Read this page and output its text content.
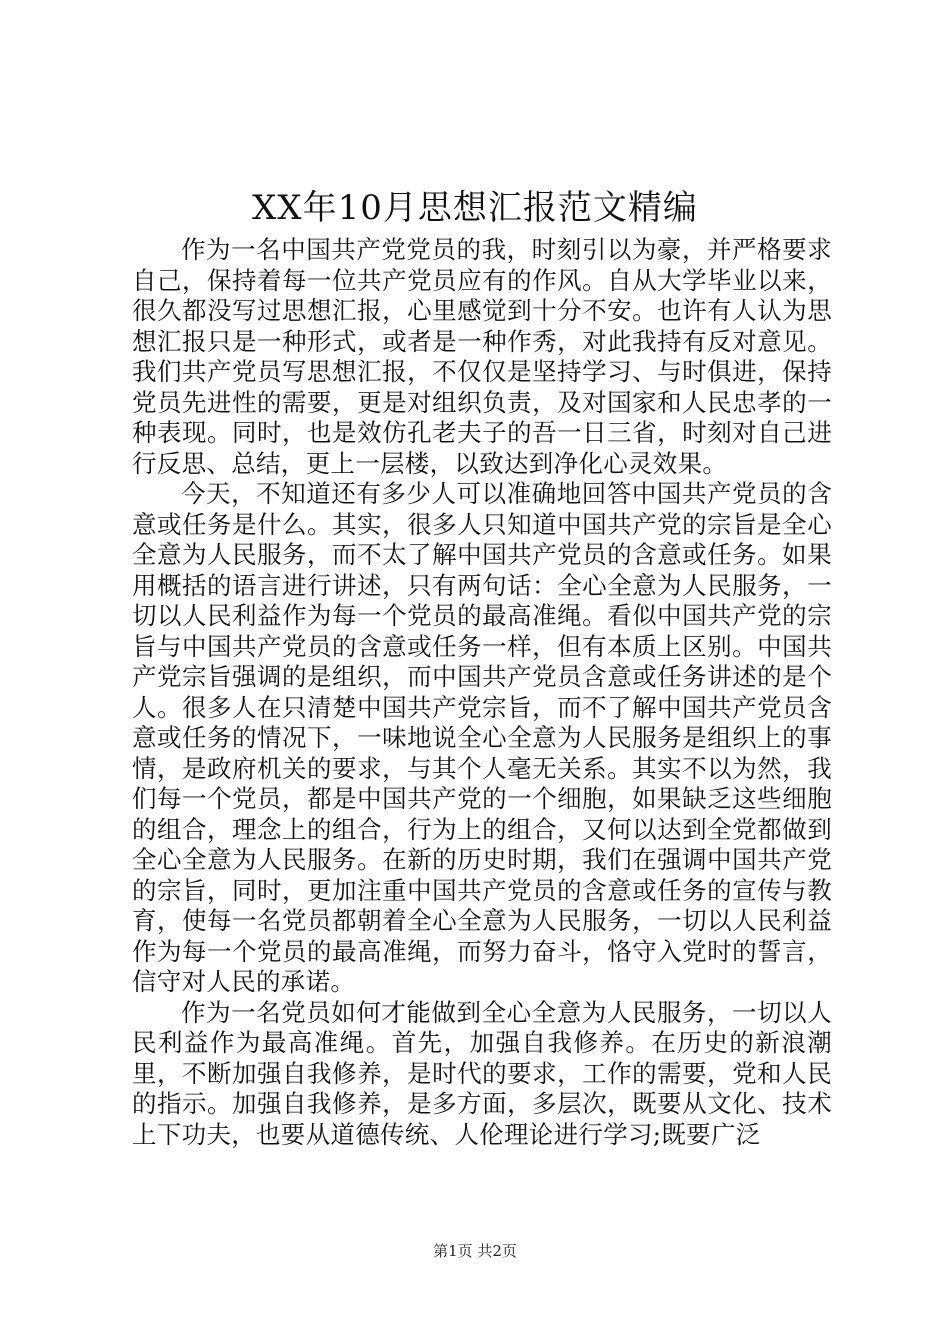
XX年10月思想汇报范文精编

作为一名中国共产党党员的我，时刻引以为豪，并严格要求自己，保持着每一位共产党员应有的作风。自从大学毕业以来，很久都没写过思想汇报，心里感觉到十分不安。也许有人认为思想汇报只是一种形式，或者是一种作秀，对此我持有反对意见。我们共产党员写思想汇报，不仅仅是坚持学习、与时俱进，保持党员先进性的需要，更是对组织负责，及对国家和人民忠孝的一种表现。同时，也是效仿孔老夫子的吾一日三省，时刻对自己进行反思、总结，更上一层楼，以致达到净化心灵效果。

今天，不知道还有多少人可以准确地回答中国共产党员的含意或任务是什么。其实，很多人只知道中国共产党的宗旨是全心全意为人民服务，而不太了解中国共产党员的含意或任务。如果用概括的语言进行讲述，只有两句话：全心全意为人民服务，一切以人民利益作为每一个党员的最高准绳。看似中国共产党的宗旨与中国共产党员的含意或任务一样，但有本质上区别。中国共产党宗旨强调的是组织，而中国共产党员含意或任务讲述的是个人。很多人在只清楚中国共产党宗旨，而不了解中国共产党员含意或任务的情况下，一味地说全心全意为人民服务是组织上的事情，是政府机关的要求，与其个人毫无关系。其实不以为然，我们每一个党员，都是中国共产党的一个细胞，如果缺乏这些细胞的组合，理念上的组合，行为上的组合，又何以达到全党都做到全心全意为人民服务。在新的历史时期，我们在强调中国共产党的宗旨，同时，更加注重中国共产党员的含意或任务的宣传与教育，使每一名党员都朝着全心全意为人民服务，一切以人民利益作为每一个党员的最高准绳，而努力奋斗，恪守入党时的誓言，信守对人民的承诺。

作为一名党员如何才能做到全心全意为人民服务，一切以人民利益作为最高准绳。首先，加强自我修养。在历史的新浪潮里，不断加强自我修养，是时代的要求，工作的需要，党和人民的指示。加强自我修养，是多方面，多层次，既要从文化、技术上下功夫，也要从道德传统、人伦理论进行学习;既要广泛

第1页 共2页
